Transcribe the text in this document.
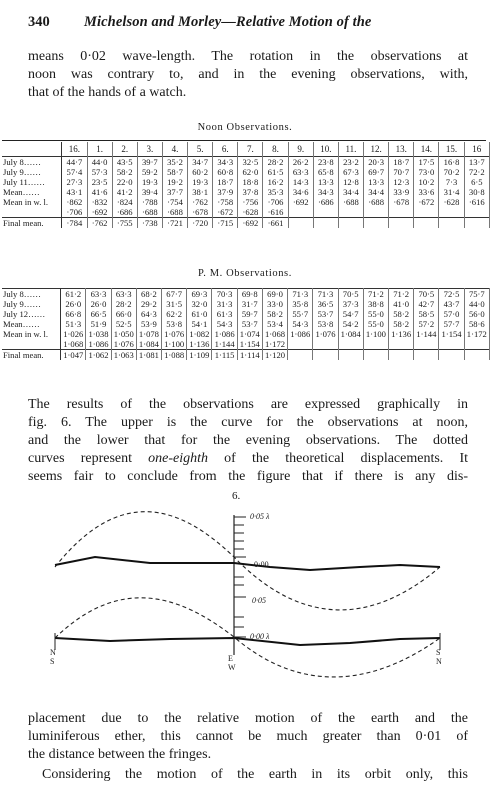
340 Michelson and Morley—Relative Motion of the
means 0·02 wave-length. The rotation in the observations at
noon was contrary to, and in the evening observations, with,
that of the hands of a watch.
Noon Observations.
	16.	1.	2.	3.	4.	5.	6.	7.	8.	9.	10.	11.	12.	13.	14.	15.	16
July 8……	44·7	44·0	43·5	39·7	35·2	34·7	34·3	32·5	28·2	26·2	23·8	23·2	20·3	18·7	17·5	16·8	13·7
July 9……	57·4	57·3	58·2	59·2	58·7	60·2	60·8	62·0	61·5	63·3	65·8	67·3	69·7	70·7	73·0	70·2	72·2
July 11……	27·3	23·5	22·0	19·3	19·2	19·3	18·7	18·8	16·2	14·3	13·3	12·8	13·3	12·3	10·2	7·3	6·5
Mean……	43·1	41·6	41·2	39·4	37·7	38·1	37·9	37·8	35·3	34·6	34·3	34·4	34·4	33·9	33·6	31·4	30·8
Mean in w. l.	·862	·832	·824	·788	·754	·762	·758	·756	·706	·692	·686	·688	·688	·678	·672	·628	·616
	·706	·692	·686	·688	·688	·678	·672	·628	·616								
Final mean.	·784	·762	·755	·738	·721	·720	·715	·692	·661								
P. M. Observations.
July 8……	61·2	63·3	63·3	68·2	67·7	69·3	70·3	69·8	69·0	71·3	71·3	70·5	71·2	71·2	70·5	72·5	75·7
July 9……	26·0	26·0	28·2	29·2	31·5	32·0	31·3	31·7	33·0	35·8	36·5	37·3	38·8	41·0	42·7	43·7	44·0
July 12……	66·8	66·5	66·0	64·3	62·2	61·0	61·3	59·7	58·2	55·7	53·7	54·7	55·0	58·2	58·5	57·0	56·0
Mean……	51·3	51·9	52·5	53·9	53·8	54·1	54·3	53·7	53·4	54·3	53·8	54·2	55·0	58·2	57·2	57·7	58·6
Mean in w. l.	1·026	1·038	1·050	1·078	1·076	1·082	1·086	1·074	1·068	1·086	1·076	1·084	1·100	1·136	1·144	1·154	1·172
	1·068	1·086	1·076	1·084	1·100	1·136	1·144	1·154	1·172								
Final mean.	1·047	1·062	1·063	1·081	1·088	1·109	1·115	1·114	1·120								
The results of the observations are expressed graphically in
fig. 6. The upper is the curve for the observations at noon,
and the lower that for the evening observations. The dotted
curves represent one-eighth of the theoretical displacements. It
seems fair to conclude from the figure that if there is any dis-
6.
0·05 λ
0·00
0·05
0·00 λ
N
S	E
W
S
N
placement due to the relative motion of the earth and the
luminiferous ether, this cannot be much greater than 0·01 of
the distance between the fringes.
Considering the motion of the earth in its orbit only, this
